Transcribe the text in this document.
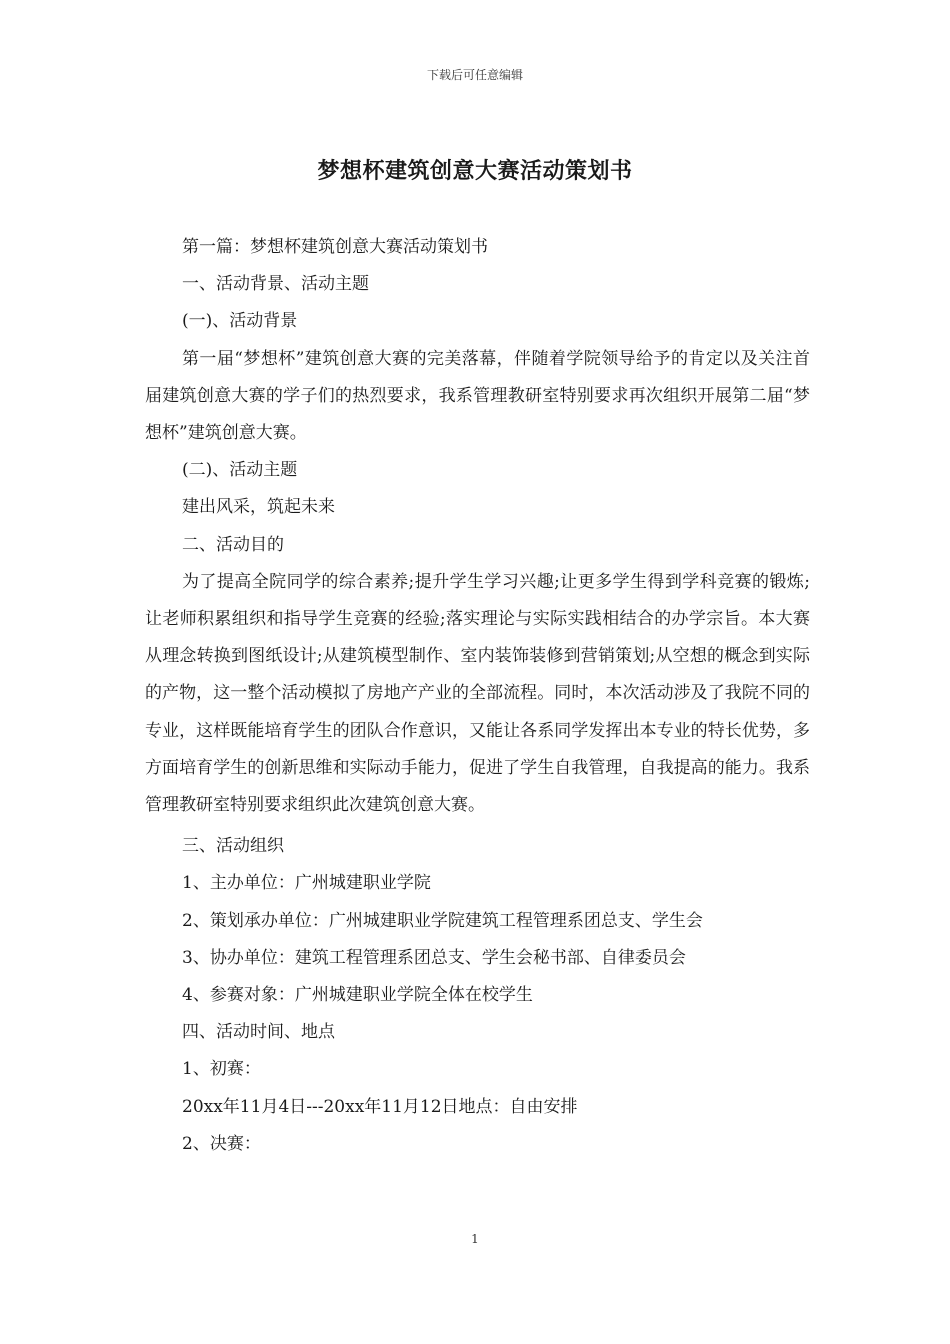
下载后可任意编辑
梦想杯建筑创意大赛活动策划书

第一篇：梦想杯建筑创意大赛活动策划书

一、活动背景、活动主题

(一)、活动背景

第一届“梦想杯”建筑创意大赛的完美落幕，伴随着学院领导给予的肯定以及关注首届建筑创意大赛的学子们的热烈要求，我系管理教研室特别要求再次组织开展第二届“梦想杯”建筑创意大赛。

(二)、活动主题

建出风采，筑起未来

二、活动目的

为了提高全院同学的综合素养;提升学生学习兴趣;让更多学生得到学科竞赛的锻炼;让老师积累组织和指导学生竞赛的经验;落实理论与实际实践相结合的办学宗旨。本大赛从理念转换到图纸设计;从建筑模型制作、室内装饰装修到营销策划;从空想的概念到实际的产物，这一整个活动模拟了房地产产业的全部流程。同时，本次活动涉及了我院不同的专业，这样既能培育学生的团队合作意识，又能让各系同学发挥出本专业的特长优势，多方面培育学生的创新思维和实际动手能力，促进了学生自我管理，自我提高的能力。我系管理教研室特别要求组织此次建筑创意大赛。

三、活动组织

1、主办单位：广州城建职业学院

2、策划承办单位：广州城建职业学院建筑工程管理系团总支、学生会

3、协办单位：建筑工程管理系团总支、学生会秘书部、自律委员会

4、参赛对象：广州城建职业学院全体在校学生

四、活动时间、地点

1、初赛：

20xx年11月4日---20xx年11月12日地点：自由安排

2、决赛：

1
